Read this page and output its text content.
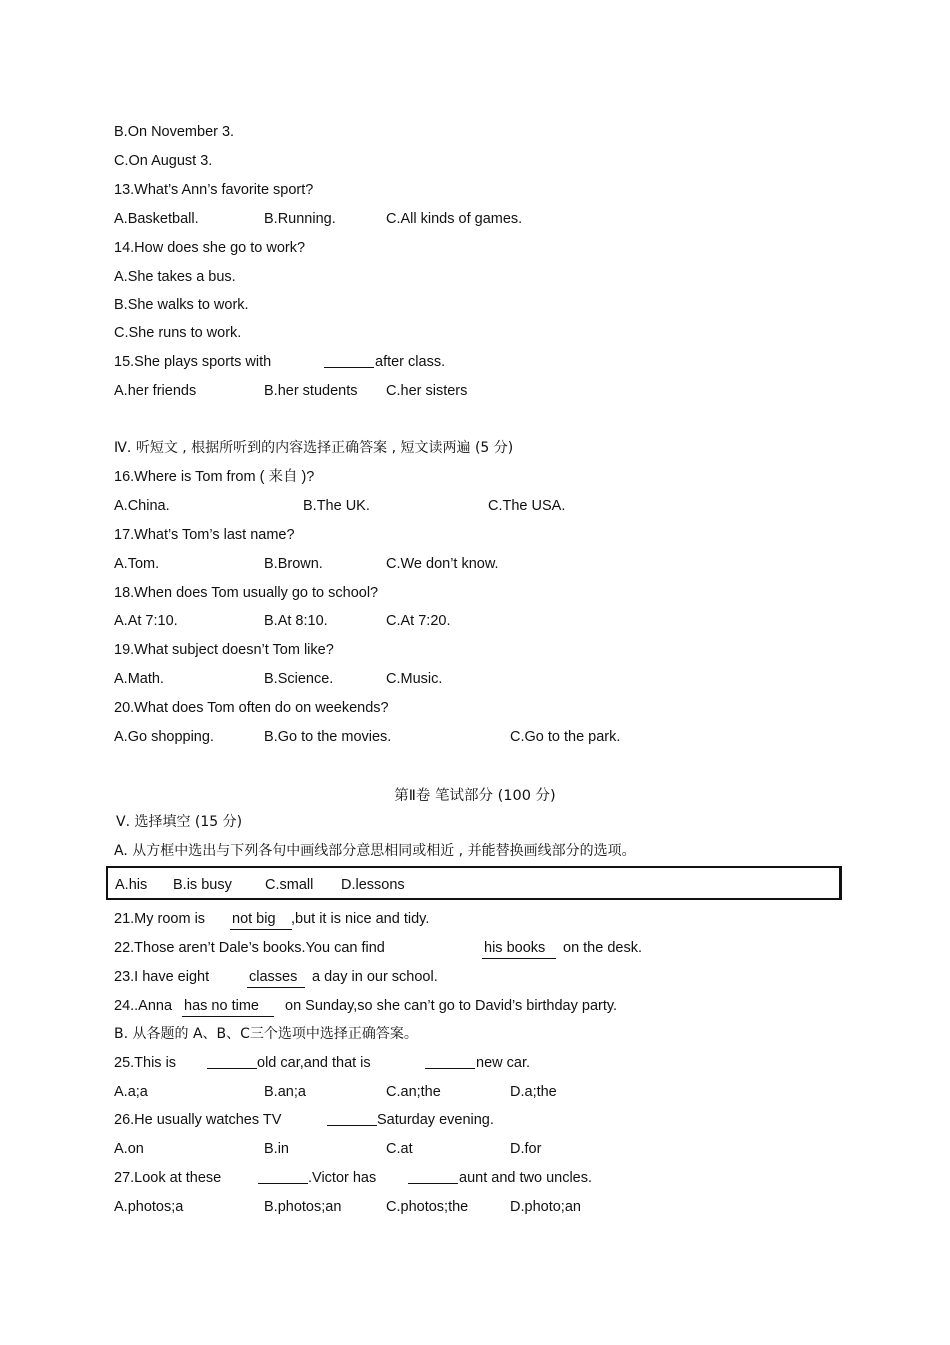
B.On November 3.
C.On August 3.
13.What’s Ann’s favorite sport?
A.Basketball.	B.Running.	C.All kinds of games.
14.How does she go to work?
A.She takes a bus.
B.She walks to work.
C.She runs to work.
15.She plays sports with	after class.
A.her friends	B.her students C.her sisters
Ⅳ. 听短文 , 根据所听到的内容选择正确答案 , 短文读两遍 (5 分)
16.Where is Tom from ( 来自 )?
A.China.	B.The UK.	C.The USA.
17.What’s Tom’s last name?
A.Tom.	B.Brown.	C.We don’t know.
18.When does Tom usually go to school?
A.At 7:10.	B.At 8:10.	C.At 7:20.
19.What subject doesn’t Tom like?
A.Math.	B.Science.	C.Music.
20.What does Tom often do on weekends?
A.Go shopping.	B.Go to the movies.	C.Go to the park.
第Ⅱ卷 笔试部分 (100 分)
Ⅴ. 选择填空 (15 分)
A. 从方框中选出与下列各句中画线部分意思相同或相近 , 并能替换画线部分的选项。
A.his B.is busy C.small D.lessons
21.My room is not big	,but it is nice and tidy.
22.Those aren’t Dale’s books.You can find	his books	on the desk.
23.I have eight	classes	a day in our school.
24..Anna has no time	on Sunday,so she can’t go to David’s birthday party.
B. 从各题的 A、B、C三个选项中选择正确答案。
25.This is	old car,and that is	new car.
A.a;a	B.an;a	C.an;the	D.a;the
26.He usually watches TV	Saturday evening.
A.on	B.in	C.at	D.for
27.Look at these	.Victor has	aunt and two uncles.
A.photos;a	B.photos;an	C.photos;the	D.photo;an
